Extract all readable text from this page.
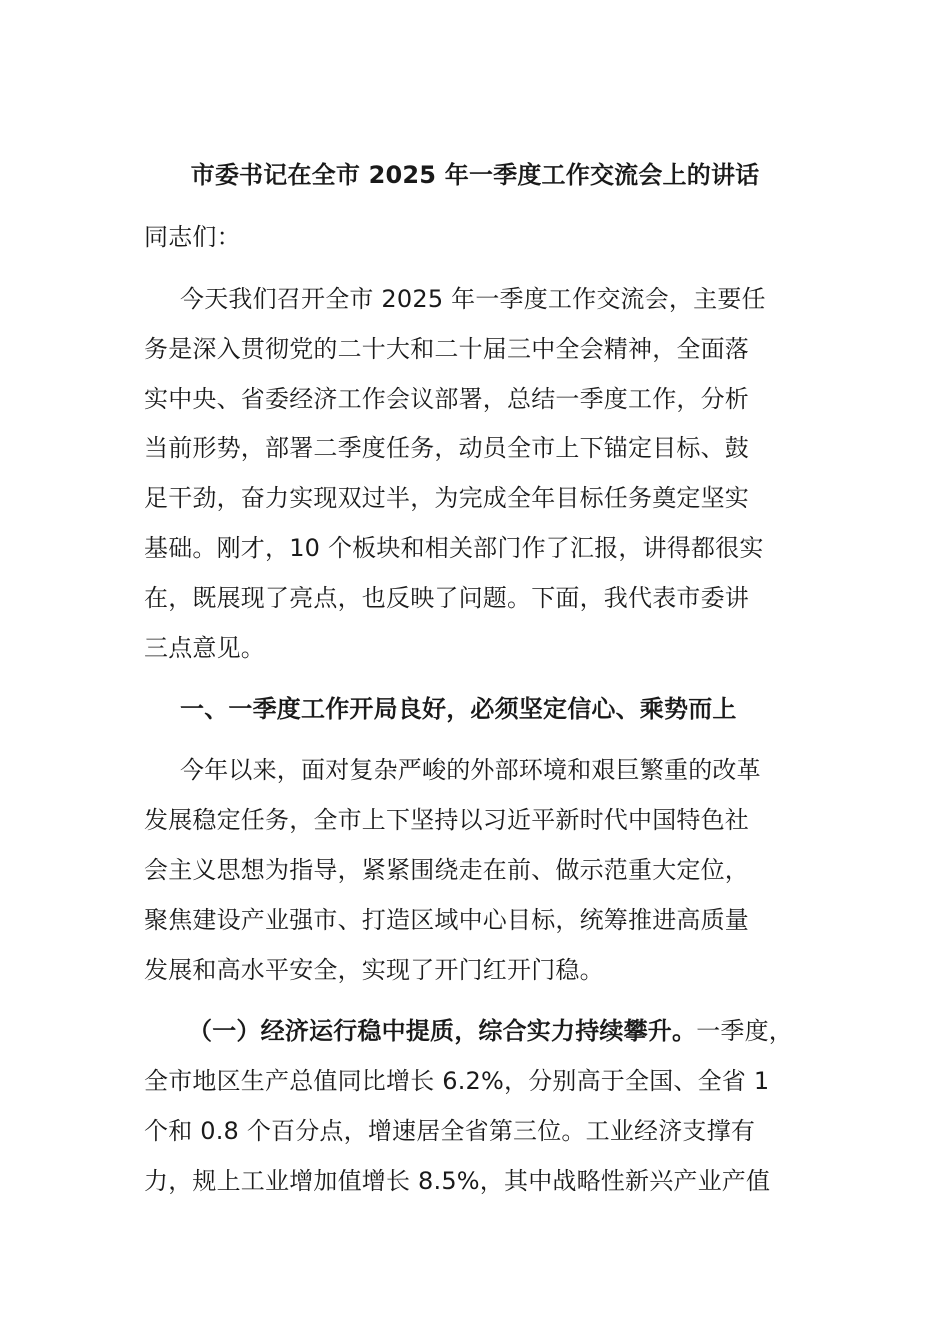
市委书记在全市 2025 年一季度工作交流会上的讲话
同志们：
今天我们召开全市 2025 年一季度工作交流会，主要任
务是深入贯彻党的二十大和二十届三中全会精神，全面落
实中央、省委经济工作会议部署，总结一季度工作，分析
当前形势，部署二季度任务，动员全市上下锚定目标、鼓
足干劲，奋力实现双过半，为完成全年目标任务奠定坚实
基础。刚才，10 个板块和相关部门作了汇报，讲得都很实
在，既展现了亮点，也反映了问题。下面，我代表市委讲
三点意见。
一、一季度工作开局良好，必须坚定信心、乘势而上
今年以来，面对复杂严峻的外部环境和艰巨繁重的改革
发展稳定任务，全市上下坚持以习近平新时代中国特色社
会主义思想为指导，紧紧围绕走在前、做示范重大定位，
聚焦建设产业强市、打造区域中心目标，统筹推进高质量
发展和高水平安全，实现了开门红开门稳。
（一）经济运行稳中提质，综合实力持续攀升。一季度，
全市地区生产总值同比增长 6.2%，分别高于全国、全省 1
个和 0.8 个百分点，增速居全省第三位。工业经济支撑有
力，规上工业增加值增长 8.5%，其中战略性新兴产业产值
